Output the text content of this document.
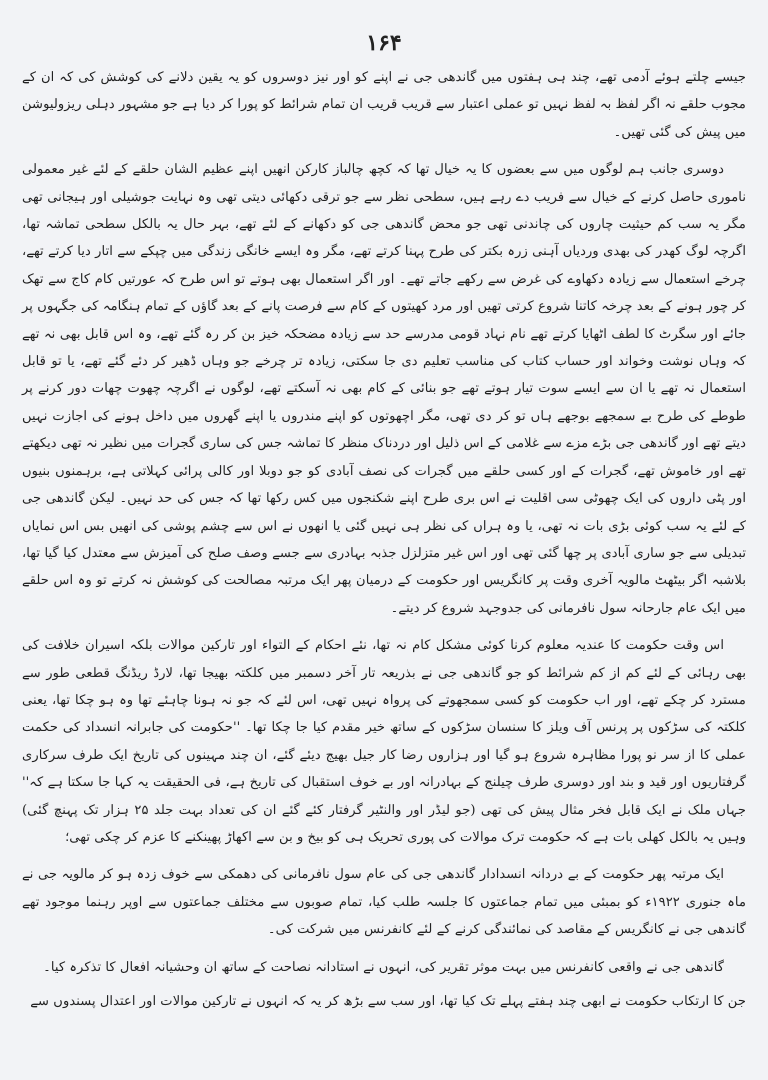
۱۶۴

جیسے چلتے ہوئے آدمی تھے، چند ہی ہفتوں میں گاندھی جی نے اپنے کو اور نیز دوسروں کو یہ یقین دلانے کی کوشش کی کہ ان کے مجوب حلقے نہ اگر لفظ بہ لفظ نہیں تو عملی اعتبار سے قریب قریب ان تمام شرائط کو پورا کر دیا ہے جو مشہور دہلی ریزولیوشن میں پیش کی گئی تھیں۔

دوسری جانب ہم لوگوں میں سے بعضوں کا یہ خیال تھا کہ کچھ چالباز کارکن انھیں اپنے عظیم الشان حلقے کے لئے غیر معمولی ناموری حاصل کرنے کے خیال سے فریب دے رہے ہیں، سطحی نظر سے جو ترقی دکھائی دیتی تھی وہ نہایت جوشیلی اور ہیجانی تھی مگر یہ سب کم حیثیت چاروں کی چاندنی تھی جو محض گاندھی جی کو دکھانے کے لئے تھے، بہر حال یہ بالکل سطحی تماشہ تھا، اگرچہ لوگ کھدر کی بھدی وردیاں آہنی زرہ بکتر کی طرح پہنا کرتے تھے، مگر وہ ایسے خانگی زندگی میں چپکے سے اتار دیا کرتے تھے، چرخے استعمال سے زیادہ دکھاوے کی غرض سے رکھے جاتے تھے۔ اور اگر استعمال بھی ہوتے تو اس طرح کہ عورتیں کام کاج سے تھک کر چور ہونے کے بعد چرخہ کاتنا شروع کرتی تھیں اور مرد کھیتوں کے کام سے فرصت پانے کے بعد گاؤں کے تمام ہنگامہ کی جگہوں پر جائے اور سگرٹ کا لطف اٹھایا کرتے تھے نام نہاد قومی مدرسے حد سے زیادہ مضحکہ خیز بن کر رہ گئے تھے، وہ اس قابل بھی نہ تھے کہ وہاں نوشت وخواند اور حساب کتاب کی مناسب تعلیم دی جا سکتی، زیادہ تر چرخے جو وہاں ڈھیر کر دئے گئے تھے، یا تو قابل استعمال نہ تھے یا ان سے ایسے سوت تیار ہوتے تھے جو بنائی کے کام بھی نہ آسکتے تھے، لوگوں نے اگرچہ چھوت چھات دور کرنے پر طوطے کی طرح بے سمجھے بوجھے ہاں تو کر دی تھی، مگر اچھوتوں کو اپنے مندروں یا اپنے گھروں میں داخل ہونے کی اجازت نہیں دیتے تھے اور گاندھی جی بڑے مزے سے غلامی کے اس ذلیل اور دردناک منظر کا تماشہ جس کی ساری گجرات میں نظیر نہ تھی دیکھتے تھے اور خاموش تھے، گجرات کے اور کسی حلقے میں گجرات کی نصف آبادی کو جو دوبلا اور کالی پرائی کہلاتی ہے، برہمنوں بنیوں اور پٹی داروں کی ایک چھوٹی سی اقلیت نے اس بری طرح اپنے شکنجوں میں کس رکھا تھا کہ جس کی حد نہیں۔ لیکن گاندھی جی کے لئے یہ سب کوئی بڑی بات نہ تھی، یا وہ ہراں کی نظر ہی نہیں گئی یا انھوں نے اس سے چشم پوشی کی انھیں بس اس نمایاں تبدیلی سے جو ساری آبادی پر چھا گئی تھی اور اس غیر متزلزل جذبہ بہادری سے جسے وصف صلح کی آمیزش سے معتدل کیا گیا تھا، بلاشبہ اگر بیٹھٹ مالویہ آخری وقت پر کانگریس اور حکومت کے درمیان پھر ایک مرتبہ مصالحت کی کوشش نہ کرتے تو وہ اس حلقے میں ایک عام جارحانہ سول نافرمانی کی جدوجہد شروع کر دیتے۔

اس وقت حکومت کا عندیہ معلوم کرنا کوئی مشکل کام نہ تھا، نئے احکام کے التواء اور تارکین موالات بلکہ اسیران خلافت کی بھی رہائی کے لئے کم از کم شرائط کو جو گاندھی جی نے بذریعہ تار آخر دسمبر میں کلکتہ بھیجا تھا، لارڈ ریڈنگ قطعی طور سے مسترد کر چکے تھے، اور اب حکومت کو کسی سمجھوتے کی پرواہ نہیں تھی، اس لئے کہ جو نہ ہونا چاہئے تھا وہ ہو چکا تھا، یعنی کلکتہ کی سڑکوں پر پرنس آف ویلز کا سنسان سڑکوں کے ساتھ خیر مقدم کیا جا چکا تھا۔ ''حکومت کی جابرانہ انسداد کی حکمت عملی کا از سر نو پورا مظاہرہ شروع ہو گیا اور ہزاروں رضا کار جیل بھیج دیئے گئے، ان چند مہینوں کی تاریخ ایک طرف سرکاری گرفتاریوں اور قید و بند اور دوسری طرف چیلنج کے بہادرانہ اور بے خوف استقبال کی تاریخ ہے، فی الحقیقت یہ کہا جا سکتا ہے کہ'' جہاں ملک نے ایک قابل فخر مثال پیش کی تھی (جو لیڈر اور والنٹیر گرفتار کئے گئے ان کی تعداد بہت جلد ۲۵ ہزار تک پہنچ گئی) وہیں یہ بالکل کھلی بات ہے کہ حکومت ترک موالات کی پوری تحریک ہی کو بیخ و بن سے اکھاڑ پھینکنے کا عزم کر چکی تھی؛

ایک مرتبہ پھر حکومت کے بے دردانہ انسدادار گاندھی جی کی عام سول نافرمانی کی دھمکی سے خوف زدہ ہو کر مالویہ جی نے ماہ جنوری ۱۹۲۲ء کو بمبئی میں تمام جماعتوں کا جلسہ طلب کیا، تمام صوبوں سے مختلف جماعتوں سے اوپر رہنما موجود تھے گاندھی جی نے کانگریس کے مقاصد کی نمائندگی کرنے کے لئے کانفرنس میں شرکت کی۔

گاندھی جی نے واقعی کانفرنس میں بہت موثر تقریر کی، انہوں نے استادانہ نصاحت کے ساتھ ان وحشیانہ افعال کا تذکرہ کیا۔

جن کا ارتکاب حکومت نے ابھی چند ہفتے پہلے تک کیا تھا، اور سب سے بڑھ کر یہ کہ انہوں نے تارکین موالات اور اعتدال پسندوں سے
